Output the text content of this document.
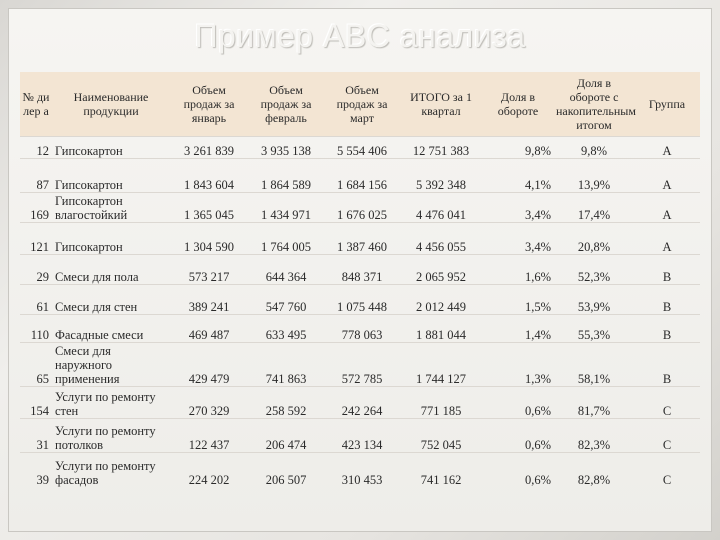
Пример ABC анализа
№ ди лер а	Наименование продукции	Объем продаж за январь	Объем продаж за февраль	Объем продаж за март	ИТОГО за 1 квартал	Доля в обороте	Доля в обороте с накопительным итогом	Группа
12	Гипсокартон	3 261 839	3 935 138	5 554 406	12 751 383	9,8%	9,8%	A
87	Гипсокартон	1 843 604	1 864 589	1 684 156	5 392 348	4,1%	13,9%	A
169	Гипсокартон влагостойкий	1 365 045	1 434 971	1 676 025	4 476 041	3,4%	17,4%	A
121	Гипсокартон	1 304 590	1 764 005	1 387 460	4 456 055	3,4%	20,8%	A
29	Смеси для пола	573 217	644 364	848 371	2 065 952	1,6%	52,3%	B
61	Смеси для стен	389 241	547 760	1 075 448	2 012 449	1,5%	53,9%	B
110	Фасадные смеси	469 487	633 495	778 063	1 881 044	1,4%	55,3%	B
65	Смеси для наружного применения	429 479	741 863	572 785	1 744 127	1,3%	58,1%	B
154	Услуги по ремонту стен	270 329	258 592	242 264	771 185	0,6%	81,7%	C
31	Услуги по ремонту потолков	122 437	206 474	423 134	752 045	0,6%	82,3%	C
39	Услуги по ремонту фасадов	224 202	206 507	310 453	741 162	0,6%	82,8%	C
